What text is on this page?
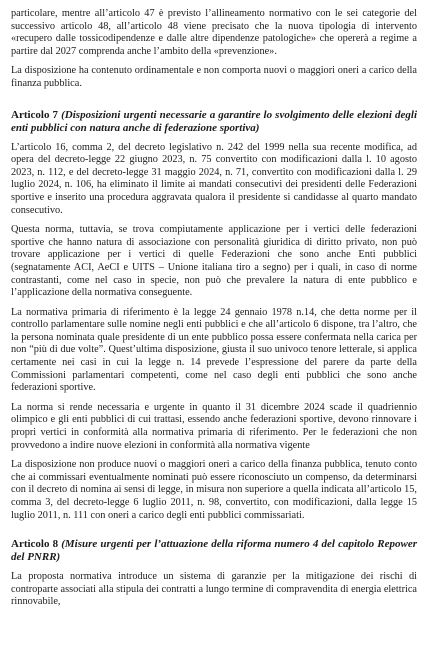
particolare, mentre all’articolo 47 è previsto l’allineamento normativo con le sei categorie del successivo articolo 48, all’articolo 48 viene precisato che la nuova tipologia di intervento «recupero dalle tossicodipendenze e dalle altre dipendenze patologiche» che opererà a regime a partire dal 2027 comprenda anche l’ambito della «prevenzione».

La disposizione ha contenuto ordinamentale e non comporta nuovi o maggiori oneri a carico della finanza pubblica.

Articolo 7 (Disposizioni urgenti necessarie a garantire lo svolgimento delle elezioni degli enti pubblici con natura anche di federazione sportiva)

L’articolo 16, comma 2, del decreto legislativo n. 242 del 1999 nella sua recente modifica, ad opera del decreto-legge 22 giugno 2023, n. 75 convertito con modificazioni dalla l. 10 agosto 2023, n. 112, e del decreto-legge 31 maggio 2024, n. 71, convertito con modificazioni dalla l. 29 luglio 2024, n. 106, ha eliminato il limite ai mandati consecutivi dei presidenti delle Federazioni sportive e inserito una procedura aggravata qualora il presidente si candidasse al quarto mandato consecutivo.

Questa norma, tuttavia, se trova compiutamente applicazione per i vertici delle federazioni sportive che hanno natura di associazione con personalità giuridica di diritto privato, non può trovare applicazione per i vertici di quelle Federazioni che sono anche Enti pubblici (segnatamente ACI, AeCI e UITS – Unione italiana tiro a segno) per i quali, in caso di norme contrastanti, come nel caso in specie, non può che prevalere la natura di ente pubblico e l’applicazione della normativa conseguente.

La normativa primaria di riferimento è la legge 24 gennaio 1978 n.14, che detta norme per il controllo parlamentare sulle nomine negli enti pubblici e che all’articolo 6 dispone, tra l’altro, che la persona nominata quale presidente di un ente pubblico possa essere confermata nella carica per non “più di due volte”. Quest’ultima disposizione, giusta il suo univoco tenore letterale, si applica certamente nei casi in cui la legge n. 14 prevede l’espressione del parere da parte della Commissioni parlamentari competenti, come nel caso degli enti pubblici che sono anche federazioni sportive.

La norma si rende necessaria e urgente in quanto il 31 dicembre 2024 scade il quadriennio olimpico e gli enti pubblici di cui trattasi, essendo anche federazioni sportive, devono rinnovare i propri vertici in conformità alla normativa primaria di riferimento. Per le federazioni che non provvedono a indire nuove elezioni in conformità alla normativa vigente

La disposizione non produce nuovi o maggiori oneri a carico della finanza pubblica, tenuto conto che ai commissari eventualmente nominati può essere riconosciuto un compenso, da determinarsi con il decreto di nomina ai sensi di legge, in misura non superiore a quella indicata all’articolo 15, comma 3, del decreto-legge 6 luglio 2011, n. 98, convertito, con modificazioni, dalla legge 15 luglio 2011, n. 111 con oneri a carico degli enti pubblici commissariati.

Articolo 8 (Misure urgenti per l’attuazione della riforma numero 4 del capitolo Repower del PNRR)

La proposta normativa introduce un sistema di garanzie per la mitigazione dei rischi di controparte associati alla stipula dei contratti a lungo termine di compravendita di energia elettrica rinnovabile,
